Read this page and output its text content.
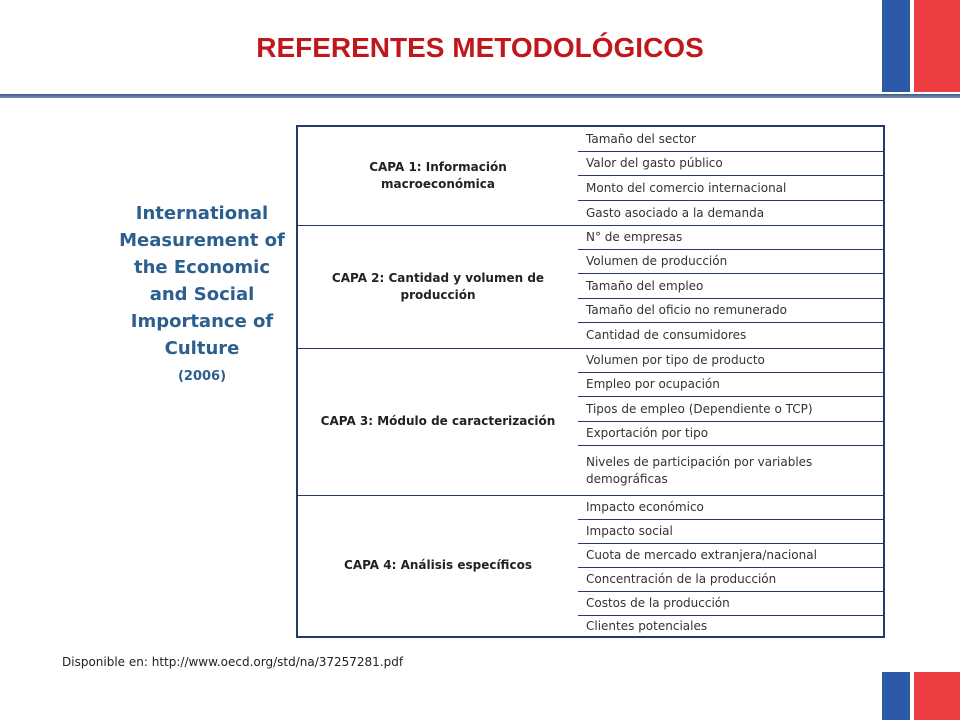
REFERENTES METODOLÓGICOS
International Measurement of the Economic and Social Importance of Culture
(2006)
CAPA 1: Información macroeconómica
Tamaño del sector
Valor del gasto público
Monto del comercio internacional
Gasto asociado a la demanda
CAPA 2: Cantidad y volumen de producción
N° de empresas
Volumen de producción
Tamaño del empleo
Tamaño del oficio no remunerado
Cantidad de consumidores
CAPA 3: Módulo de caracterización
Volumen por tipo de producto
Empleo por ocupación
Tipos de empleo (Dependiente o TCP)
Exportación por tipo
Niveles de participación por variables demográficas
CAPA 4: Análisis específicos
Impacto económico
Impacto social
Cuota de mercado extranjera/nacional
Concentración de la producción
Costos de la producción
Clientes potenciales
Disponible en: http://www.oecd.org/std/na/37257281.pdf
